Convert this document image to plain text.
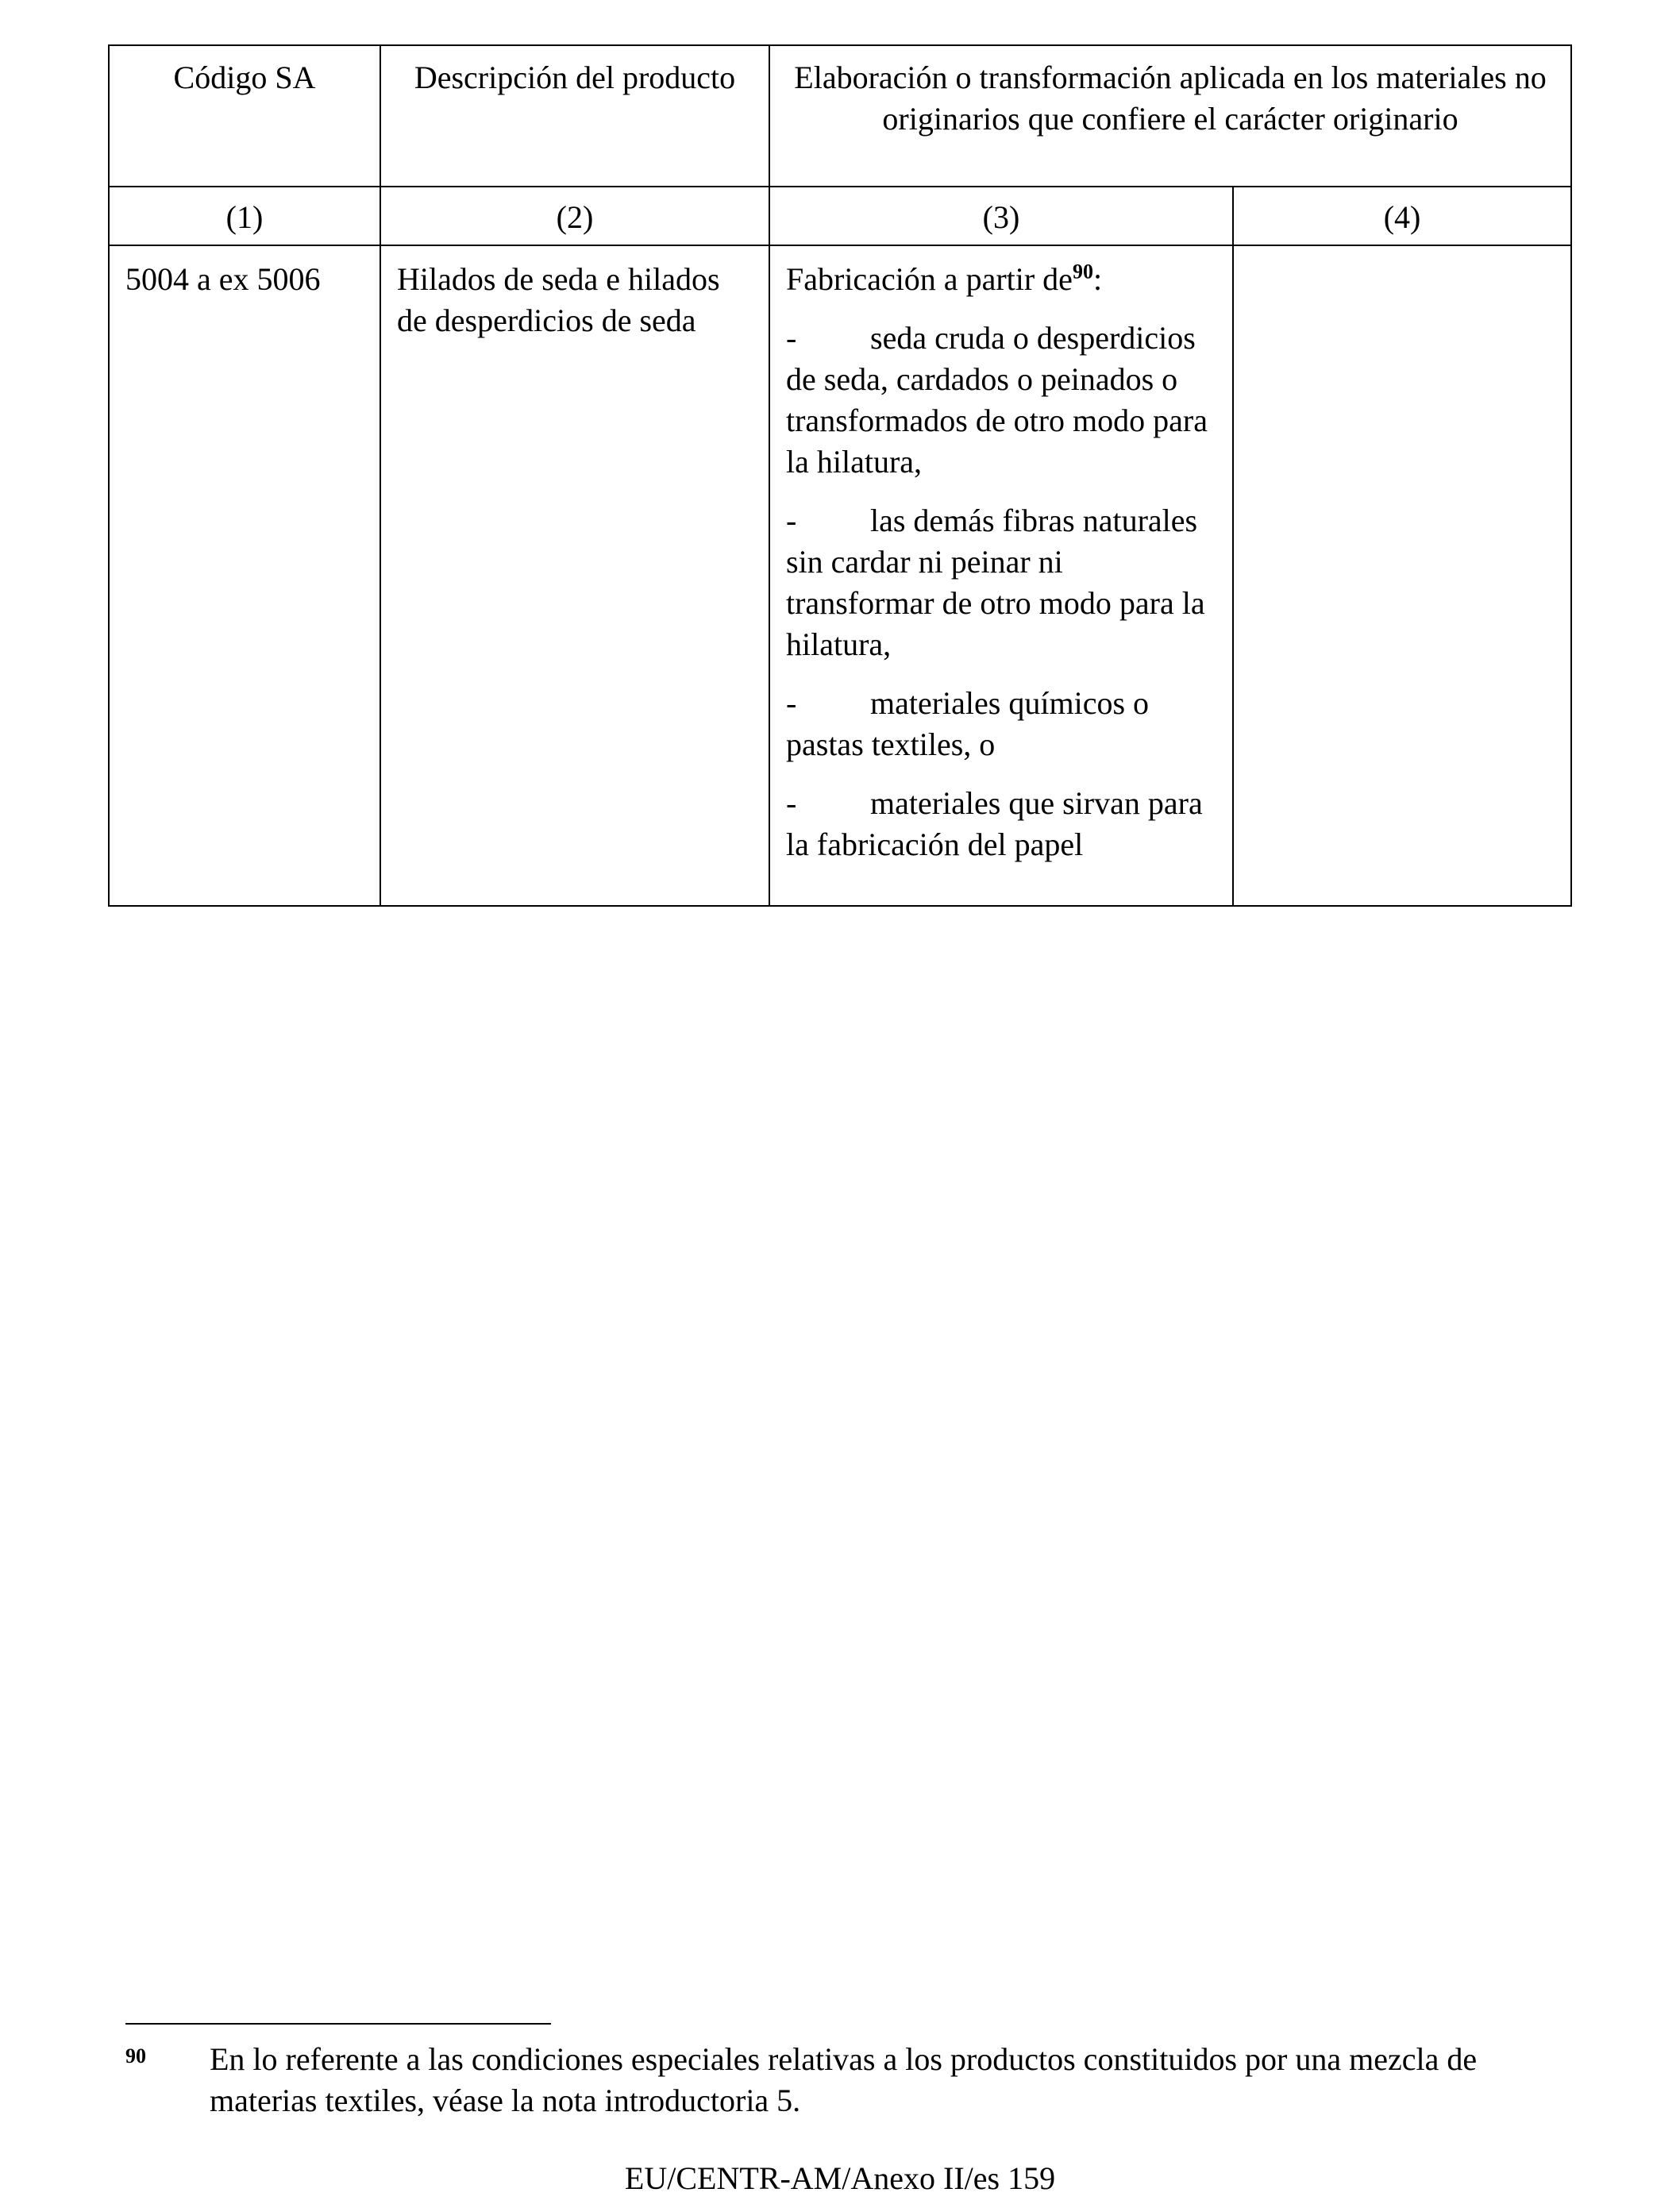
Código SA	Descripción del producto	Elaboración o transformación aplicada en los materiales no originarios que confiere el carácter originario	
(1)	(2)	(3)	(4)
5004 a ex 5006	Hilados de seda e hilados de desperdicios de seda	Fabricación a partir $de^{90}$:
- seda cruda o desperdicios de seda, cardados o peinados o transformados de otro modo para la hilatura,
- las demás fibras naturales sin cardar ni peinar ni transformar de otro modo para la hilatura,
- materiales químicos o pastas textiles, o
- materiales que sirvan para la fabricación del papel	

90 En lo referente a las condiciones especiales relativas a los productos constituidos por una mezcla de materias textiles, véase la nota introductoria 5.
EU/CENTR-AM/Anexo II/es 159
